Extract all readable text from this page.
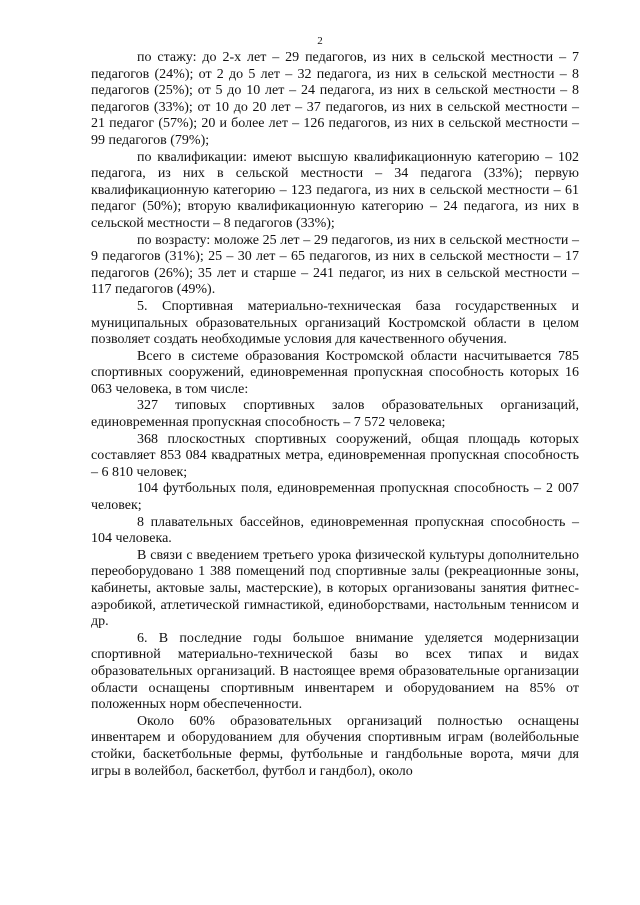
2

по стажу: до 2-х лет – 29 педагогов, из них в сельской местности – 7 педагогов (24%); от 2 до 5 лет – 32 педагога, из них в сельской местности – 8 педагогов (25%); от 5 до 10 лет – 24 педагога, из них в сельской местности – 8 педагогов (33%); от 10 до 20 лет – 37 педагогов, из них в сельской местности – 21 педагог (57%); 20 и более лет – 126 педагогов, из них в сельской местности – 99 педагогов (79%);

по квалификации: имеют высшую квалификационную категорию – 102 педагога, из них в сельской местности – 34 педагога (33%); первую квалификационную категорию – 123 педагога, из них в сельской местности – 61 педагог (50%); вторую квалификационную категорию – 24 педагога, из них в сельской местности – 8 педагогов (33%);

по возрасту: моложе 25 лет – 29 педагогов, из них в сельской местности – 9 педагогов (31%); 25 – 30 лет – 65 педагогов, из них в сельской местности – 17 педагогов (26%); 35 лет и старше – 241 педагог, из них в сельской местности – 117 педагогов (49%).

5. Спортивная материально-техническая база государственных и муниципальных образовательных организаций Костромской области в целом позволяет создать необходимые условия для качественного обучения.

Всего в системе образования Костромской области насчитывается 785 спортивных сооружений, единовременная пропускная способность которых 16 063 человека, в том числе:

327 типовых спортивных залов образовательных организаций, единовременная пропускная способность – 7 572 человека;

368 плоскостных спортивных сооружений, общая площадь которых составляет 853 084 квадратных метра, единовременная пропускная способность – 6 810 человек;

104 футбольных поля, единовременная пропускная способность – 2 007 человек;

8 плавательных бассейнов, единовременная пропускная способность – 104 человека.

В связи с введением третьего урока физической культуры дополнительно переоборудовано 1 388 помещений под спортивные залы (рекреационные зоны, кабинеты, актовые залы, мастерские), в которых организованы занятия фитнес-аэробикой, атлетической гимнастикой, единоборствами, настольным теннисом и др.

6. В последние годы большое внимание уделяется модернизации спортивной материально-технической базы во всех типах и видах образовательных организаций. В настоящее время образовательные организации области оснащены спортивным инвентарем и оборудованием на 85% от положенных норм обеспеченности.

Около 60% образовательных организаций полностью оснащены инвентарем и оборудованием для обучения спортивным играм (волейбольные стойки, баскетбольные фермы, футбольные и гандбольные ворота, мячи для игры в волейбол, баскетбол, футбол и гандбол), около
